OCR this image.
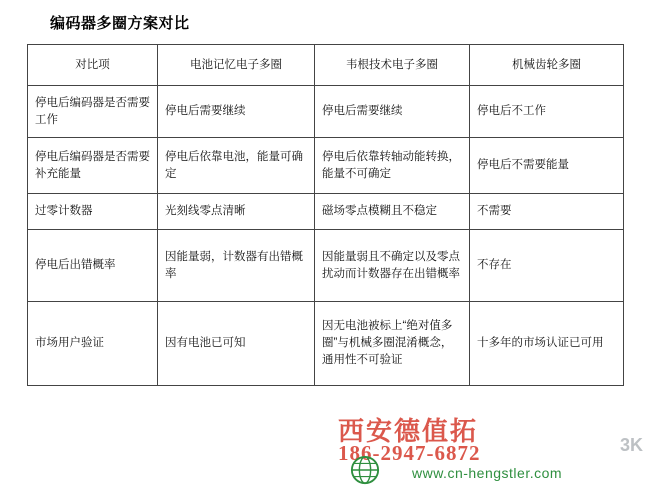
编码器多圈方案对比
对比项	电池记忆电子多圈	韦根技术电子多圈	机械齿轮多圈
停电后编码器是否需要工作	停电后需要继续	停电后需要继续	停电后不工作
停电后编码器是否需要补充能量	停电后依靠电池，能量可确定	停电后依靠转轴动能转换，能量不可确定	停电后不需要能量
过零计数器	光刻线零点清晰	磁场零点模糊且不稳定	不需要
停电后出错概率	因能量弱，计数器有出错概率	因能量弱且不确定以及零点扰动而计数器存在出错概率	不存在
市场用户验证	因有电池已可知	因无电池被标上“绝对值多圈”与机械多圈混淆概念，通用性不可验证	十多年的市场认证已可用
西安德值拓
186-2947-6872
www.cn-hengstler.com
3K
